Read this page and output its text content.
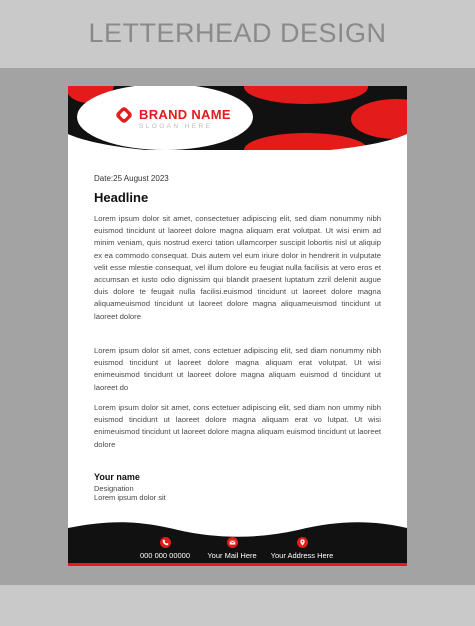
LETTERHEAD DESIGN
BRAND NAME
SLOGAN HERE
Date:25 August 2023
Headline

Lorem ipsum dolor sit amet, consectetuer adipiscing elit, sed diam nonummy nibh euismod tincidunt ut laoreet dolore magna aliquam erat volutpat. Ut wisi enim ad minim veniam, quis nostrud exerci tation ullamcorper suscipit lobortis nisl ut aliquip ex ea commodo consequat. Duis autem vel eum iriure dolor in hendrerit in vulputate velit esse mlestie consequat, vel illum dolore eu feugiat nulla facilisis at vero eros et accumsan et iusto odio dignissim qui blandit praesent luptatum zzril delenit augue duis dolore te feugait nulla facilisi.euismod tincidunt ut laoreet dolore magna aliquameuismod tincidunt ut laoreet dolore magna aliquameuismod tincidunt ut laoreet dolore

Lorem ipsum dolor sit amet, cons ectetuer adipiscing elit, sed diam nonummy nibh euismod tincidunt ut laoreet dolore magna aliquam erat volutpat. Ut wisi enimeuismod tincidunt ut laoreet dolore magna aliquam euismod d tincidunt ut laoreet do

Lorem ipsum dolor sit amet, cons ectetuer adipiscing elit, sed diam non ummy nibh euismod tincidunt ut laoreet dolore magna aliquam erat vo lutpat. Ut wisi enimeuismod tincidunt ut laoreet dolore magna aliquam euismod tincidunt ut laoreet dolore

Your name
Designation
Lorem ipsum dolor sit
000 000 00000	Your Mail Here	Your Address Here
